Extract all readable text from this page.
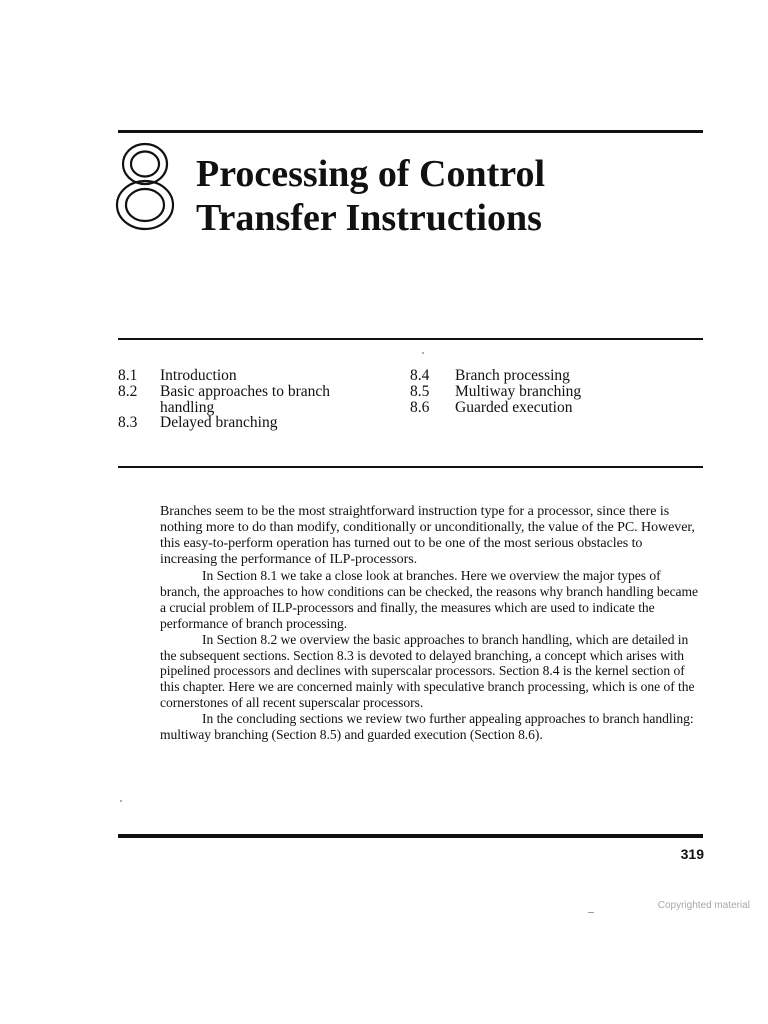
Processing of Control
Transfer Instructions
8.1	Introduction
8.2	Basic approaches to branch handling
8.3	Delayed branching
8.4	Branch processing
8.5	Multiway branching
8.6	Guarded execution

Branches seem to be the most straightforward instruction type for a processor, since there is nothing more to do than modify, conditionally or unconditionally, the value of the PC. However, this easy-to-perform operation has turned out to be one of the most serious obstacles to increasing the performance of ILP-processors.

In Section 8.1 we take a close look at branches. Here we overview the major types of branch, the approaches to how conditions can be checked, the reasons why branch handling became a crucial problem of ILP-processors and finally, the measures which are used to indicate the performance of branch processing.

In Section 8.2 we overview the basic approaches to branch handling, which are detailed in the subsequent sections. Section 8.3 is devoted to delayed branching, a concept which arises with pipelined processors and declines with superscalar processors. Section 8.4 is the kernel section of this chapter. Here we are concerned mainly with speculative branch processing, which is one of the cornerstones of all recent superscalar processors.

In the concluding sections we review two further appealing approaches to branch handling: multiway branching (Section 8.5) and guarded execution (Section 8.6).

319
Copyrighted material
